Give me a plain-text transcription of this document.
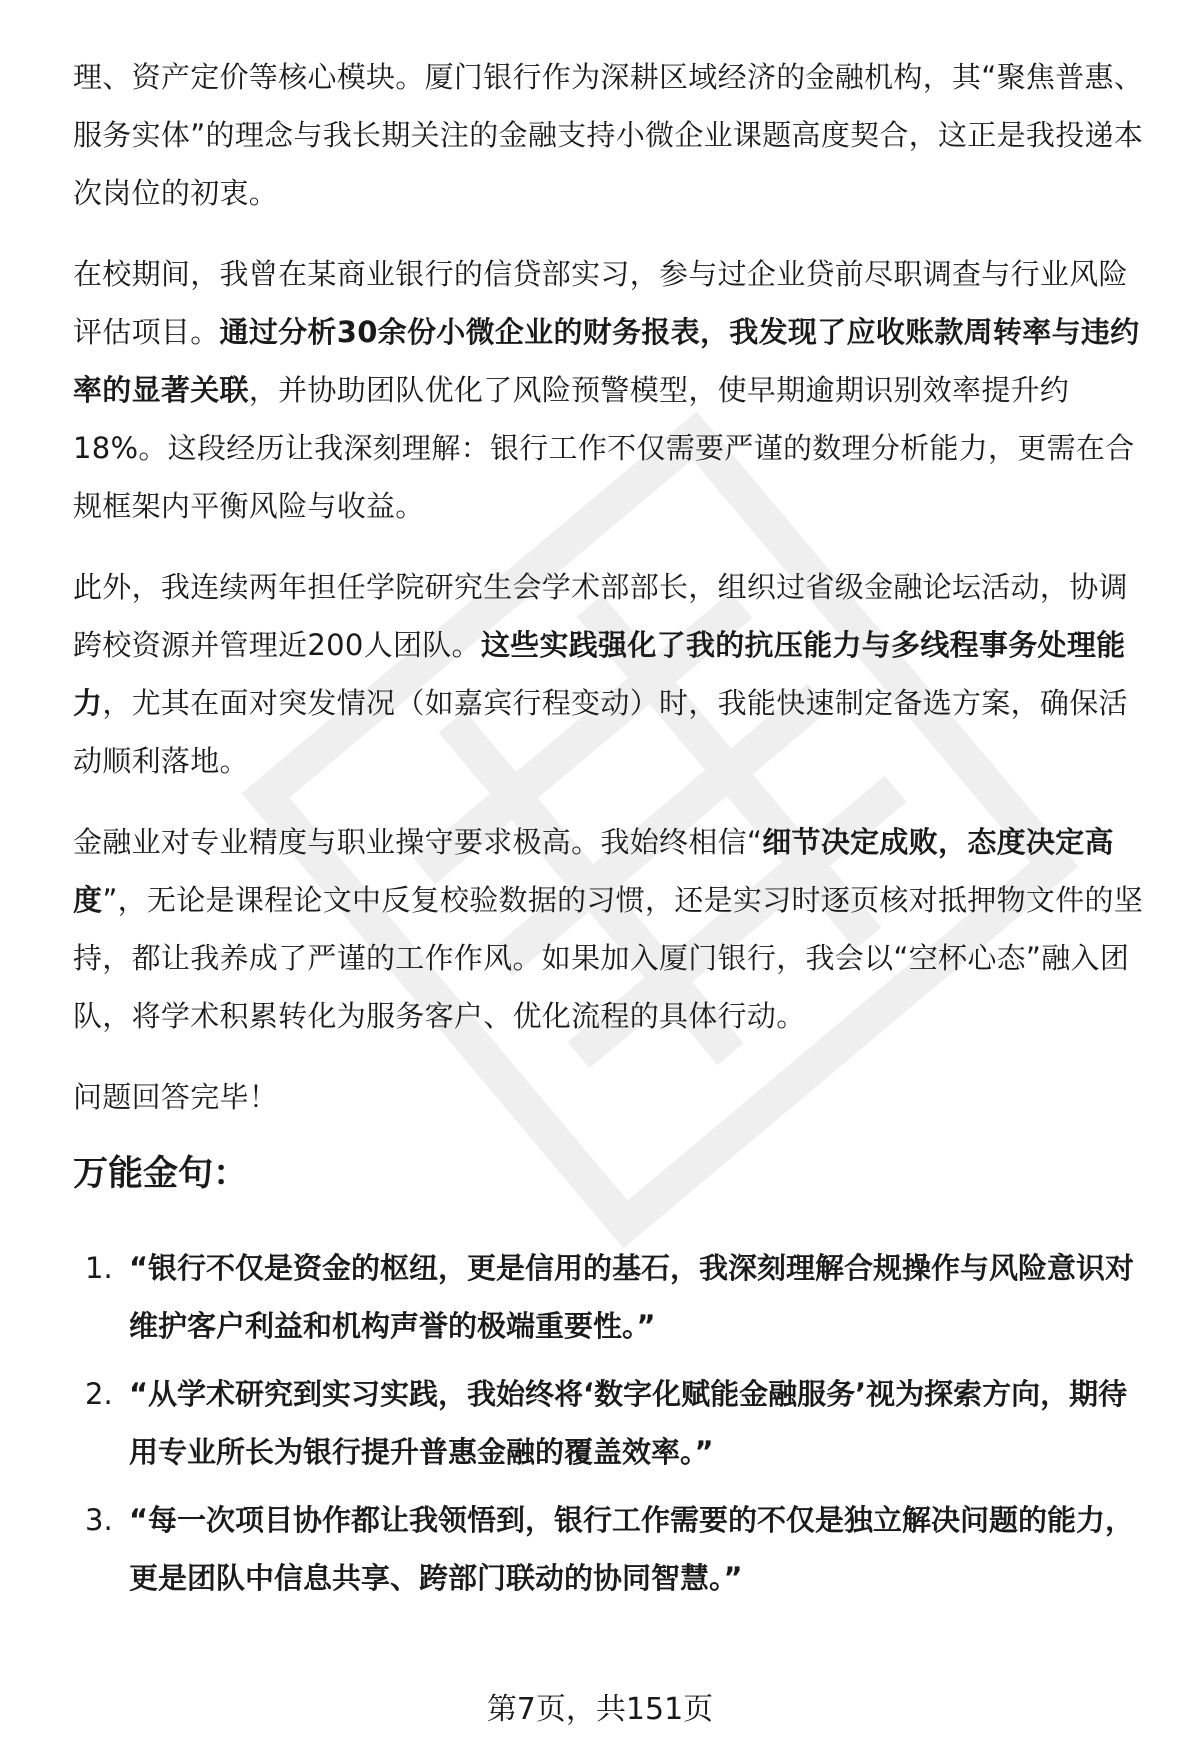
理、资产定价等核心模块。厦门银行作为深耕区域经济的金融机构，其“聚焦普惠、服务实体”的理念与我长期关注的金融支持小微企业课题高度契合，这正是我投递本次岗位的初衷。

在校期间，我曾在某商业银行的信贷部实习，参与过企业贷前尽职调查与行业风险评估项目。通过分析30余份小微企业的财务报表，我发现了应收账款周转率与违约率的显著关联，并协助团队优化了风险预警模型，使早期逾期识别效率提升约18%。这段经历让我深刻理解：银行工作不仅需要严谨的数理分析能力，更需在合规框架内平衡风险与收益。

此外，我连续两年担任学院研究生会学术部部长，组织过省级金融论坛活动，协调跨校资源并管理近200人团队。这些实践强化了我的抗压能力与多线程事务处理能力，尤其在面对突发情况（如嘉宾行程变动）时，我能快速制定备选方案，确保活动顺利落地。

金融业对专业精度与职业操守要求极高。我始终相信“细节决定成败，态度决定高度”，无论是课程论文中反复校验数据的习惯，还是实习时逐页核对抵押物文件的坚持，都让我养成了严谨的工作作风。如果加入厦门银行，我会以“空杯心态”融入团队，将学术积累转化为服务客户、优化流程的具体行动。

问题回答完毕！

万能金句：
1. “银行不仅是资金的枢纽，更是信用的基石，我深刻理解合规操作与风险意识对维护客户利益和机构声誉的极端重要性。”
2. “从学术研究到实习实践，我始终将‘数字化赋能金融服务’视为探索方向，期待用专业所长为银行提升普惠金融的覆盖效率。”
3. “每一次项目协作都让我领悟到，银行工作需要的不仅是独立解决问题的能力，更是团队中信息共享、跨部门联动的协同智慧。”
第7页，共151页
